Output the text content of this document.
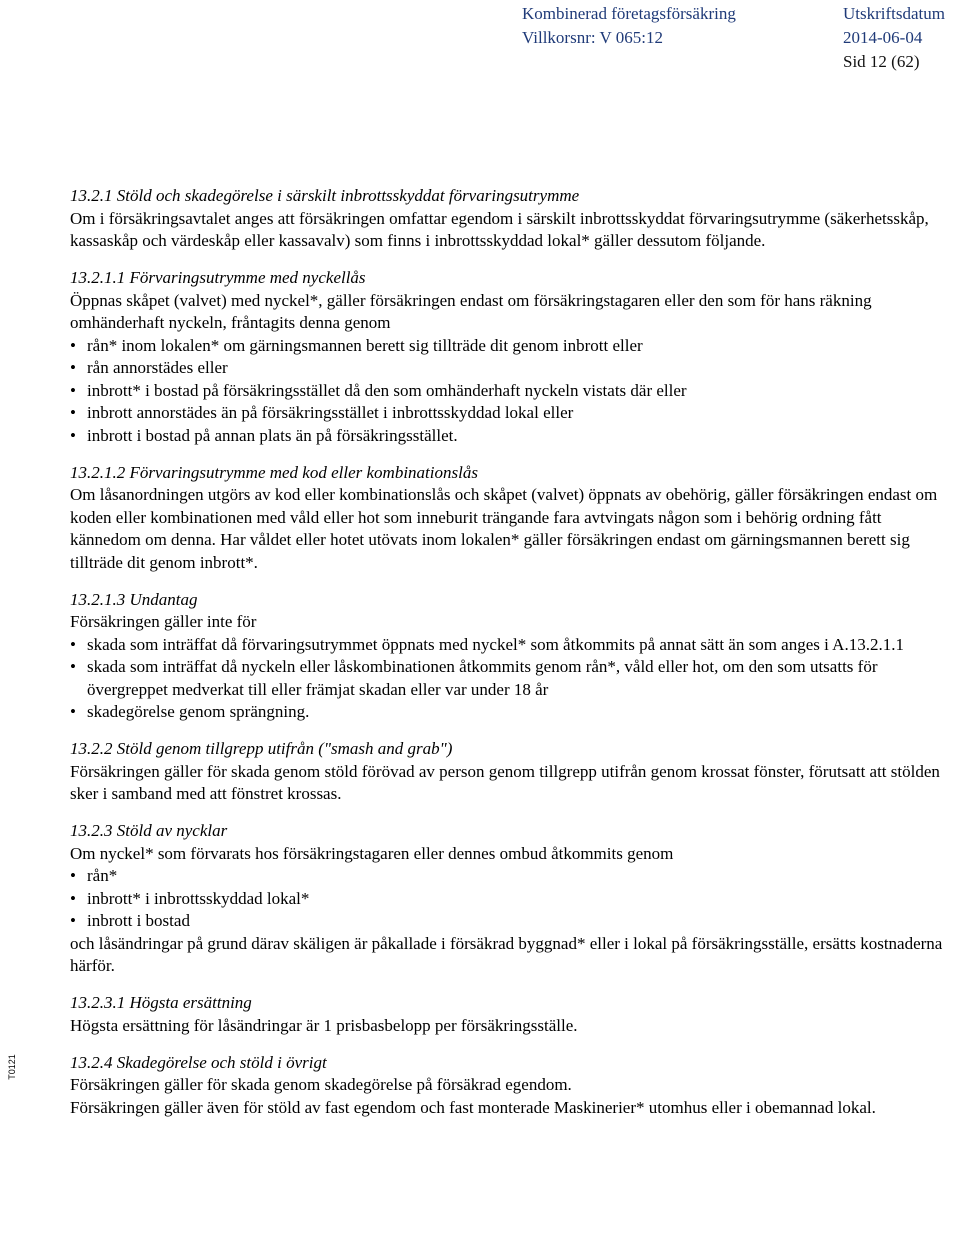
Kombinerad företagsförsäkring
Villkorsnr: V 065:12
Utskriftsdatum
2014-06-04
Sid 12 (62)
T0121
13.2.1 Stöld och skadegörelse i särskilt inbrottsskyddat förvaringsutrymme

Om i försäkringsavtalet anges att försäkringen omfattar egendom i särskilt inbrottsskyddat förvaringsutrymme (säkerhetsskåp, kassaskåp och värdeskåp eller kassavalv) som finns i inbrottsskyddad lokal* gäller dessutom följande.

13.2.1.1 Förvaringsutrymme med nyckellås

Öppnas skåpet (valvet) med nyckel*, gäller försäkringen endast om försäkringstagaren eller den som för hans räkning omhänderhaft nyckeln, fråntagits denna genom

• rån* inom lokalen* om gärningsmannen berett sig tillträde dit genom inbrott eller
• rån annorstädes eller
• inbrott* i bostad på försäkringsstället då den som omhänderhaft nyckeln vistats där eller
• inbrott annorstädes än på försäkringsstället i inbrottsskyddad lokal eller
• inbrott i bostad på annan plats än på försäkringsstället.
13.2.1.2 Förvaringsutrymme med kod eller kombinationslås

Om låsanordningen utgörs av kod eller kombinationslås och skåpet (valvet) öppnats av obehörig, gäller försäkringen endast om koden eller kombinationen med våld eller hot som inneburit trängande fara avtvingats någon som i behörig ordning fått kännedom om denna. Har våldet eller hotet utövats inom lokalen* gäller försäkringen endast om gärningsmannen berett sig tillträde dit genom inbrott*.

13.2.1.3 Undantag

Försäkringen gäller inte för

• skada som inträffat då förvaringsutrymmet öppnats med nyckel* som åtkommits på annat sätt än som anges i A.13.2.1.1
• skada som inträffat då nyckeln eller låskombinationen åtkommits genom rån*, våld eller hot, om den som utsatts för övergreppet medverkat till eller främjat skadan eller var under 18 år
• skadegörelse genom sprängning.
13.2.2 Stöld genom tillgrepp utifrån ("smash and grab")

Försäkringen gäller för skada genom stöld förövad av person genom tillgrepp utifrån genom krossat fönster, förutsatt att stölden sker i samband med att fönstret krossas.

13.2.3 Stöld av nycklar

Om nyckel* som förvarats hos försäkringstagaren eller dennes ombud åtkommits genom

• rån*
• inbrott* i inbrottsskyddad lokal*
• inbrott i bostad

och låsändringar på grund därav skäligen är påkallade i försäkrad byggnad* eller i lokal på försäkringsställe, ersätts kostnaderna härför.

13.2.3.1 Högsta ersättning

Högsta ersättning för låsändringar är 1 prisbasbelopp per försäkringsställe.

13.2.4 Skadegörelse och stöld i övrigt

Försäkringen gäller för skada genom skadegörelse på försäkrad egendom.

Försäkringen gäller även för stöld av fast egendom och fast monterade Maskinerier* utomhus eller i obemannad lokal.
